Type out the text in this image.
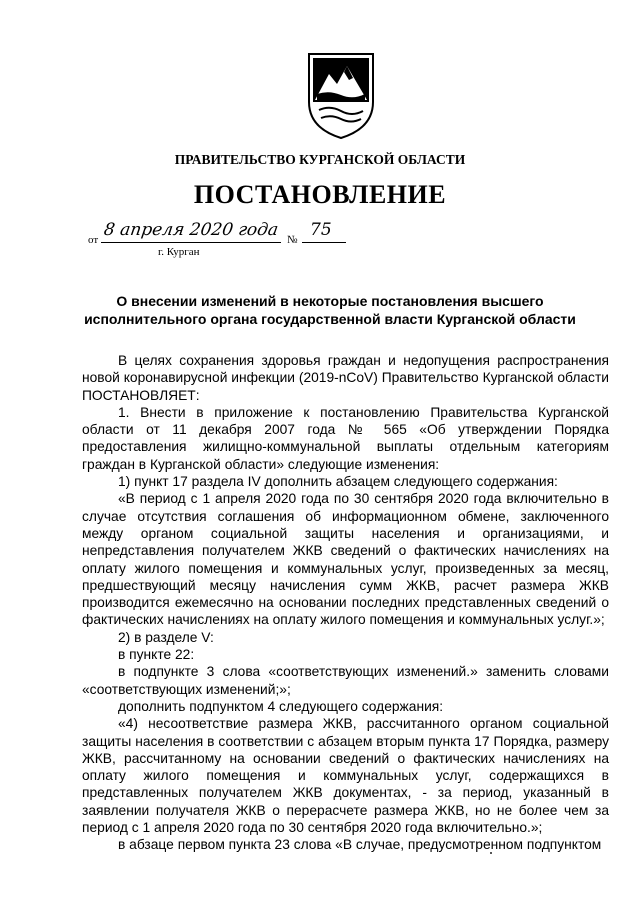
ПРАВИТЕЛЬСТВО КУРГАНСКОЙ ОБЛАСТИ
ПОСТАНОВЛЕНИЕ
от 8 апреля 2020 года № 75
г. Курган
О внесении изменений в некоторые постановления высшего исполнительного органа государственной власти Курганской области

В целях сохранения здоровья граждан и недопущения распространения новой коронавирусной инфекции (2019-nCoV) Правительство Курганской области ПОСТАНОВЛЯЕТ:

1. Внести в приложение к постановлению Правительства Курганской области от 11 декабря 2007 года № 565 «Об утверждении Порядка предоставления жилищно-коммунальной выплаты отдельным категориям граждан в Курганской области» следующие изменения:

1) пункт 17 раздела IV дополнить абзацем следующего содержания:

«В период с 1 апреля 2020 года по 30 сентября 2020 года включительно в случае отсутствия соглашения об информационном обмене, заключенного между органом социальной защиты населения и организациями, и непредставления получателем ЖКВ сведений о фактических начислениях на оплату жилого помещения и коммунальных услуг, произведенных за месяц, предшествующий месяцу начисления сумм ЖКВ, расчет размера ЖКВ производится ежемесячно на основании последних представленных сведений о фактических начислениях на оплату жилого помещения и коммунальных услуг.»;

2) в разделе V:

в пункте 22:

в подпункте 3 слова «соответствующих изменений.» заменить словами «соответствующих изменений;»;

дополнить подпунктом 4 следующего содержания:

«4) несоответствие размера ЖКВ, рассчитанного органом социальной защиты населения в соответствии с абзацем вторым пункта 17 Порядка, размеру ЖКВ, рассчитанному на основании сведений о фактических начислениях на оплату жилого помещения и коммунальных услуг, содержащихся в представленных получателем ЖКВ документах, - за период, указанный в заявлении получателя ЖКВ о перерасчете размера ЖКВ, но не более чем за период с 1 апреля 2020 года по 30 сентября 2020 года включительно.»;

в абзаце первом пункта 23 слова «В случае, предусмотренном подпунктом
